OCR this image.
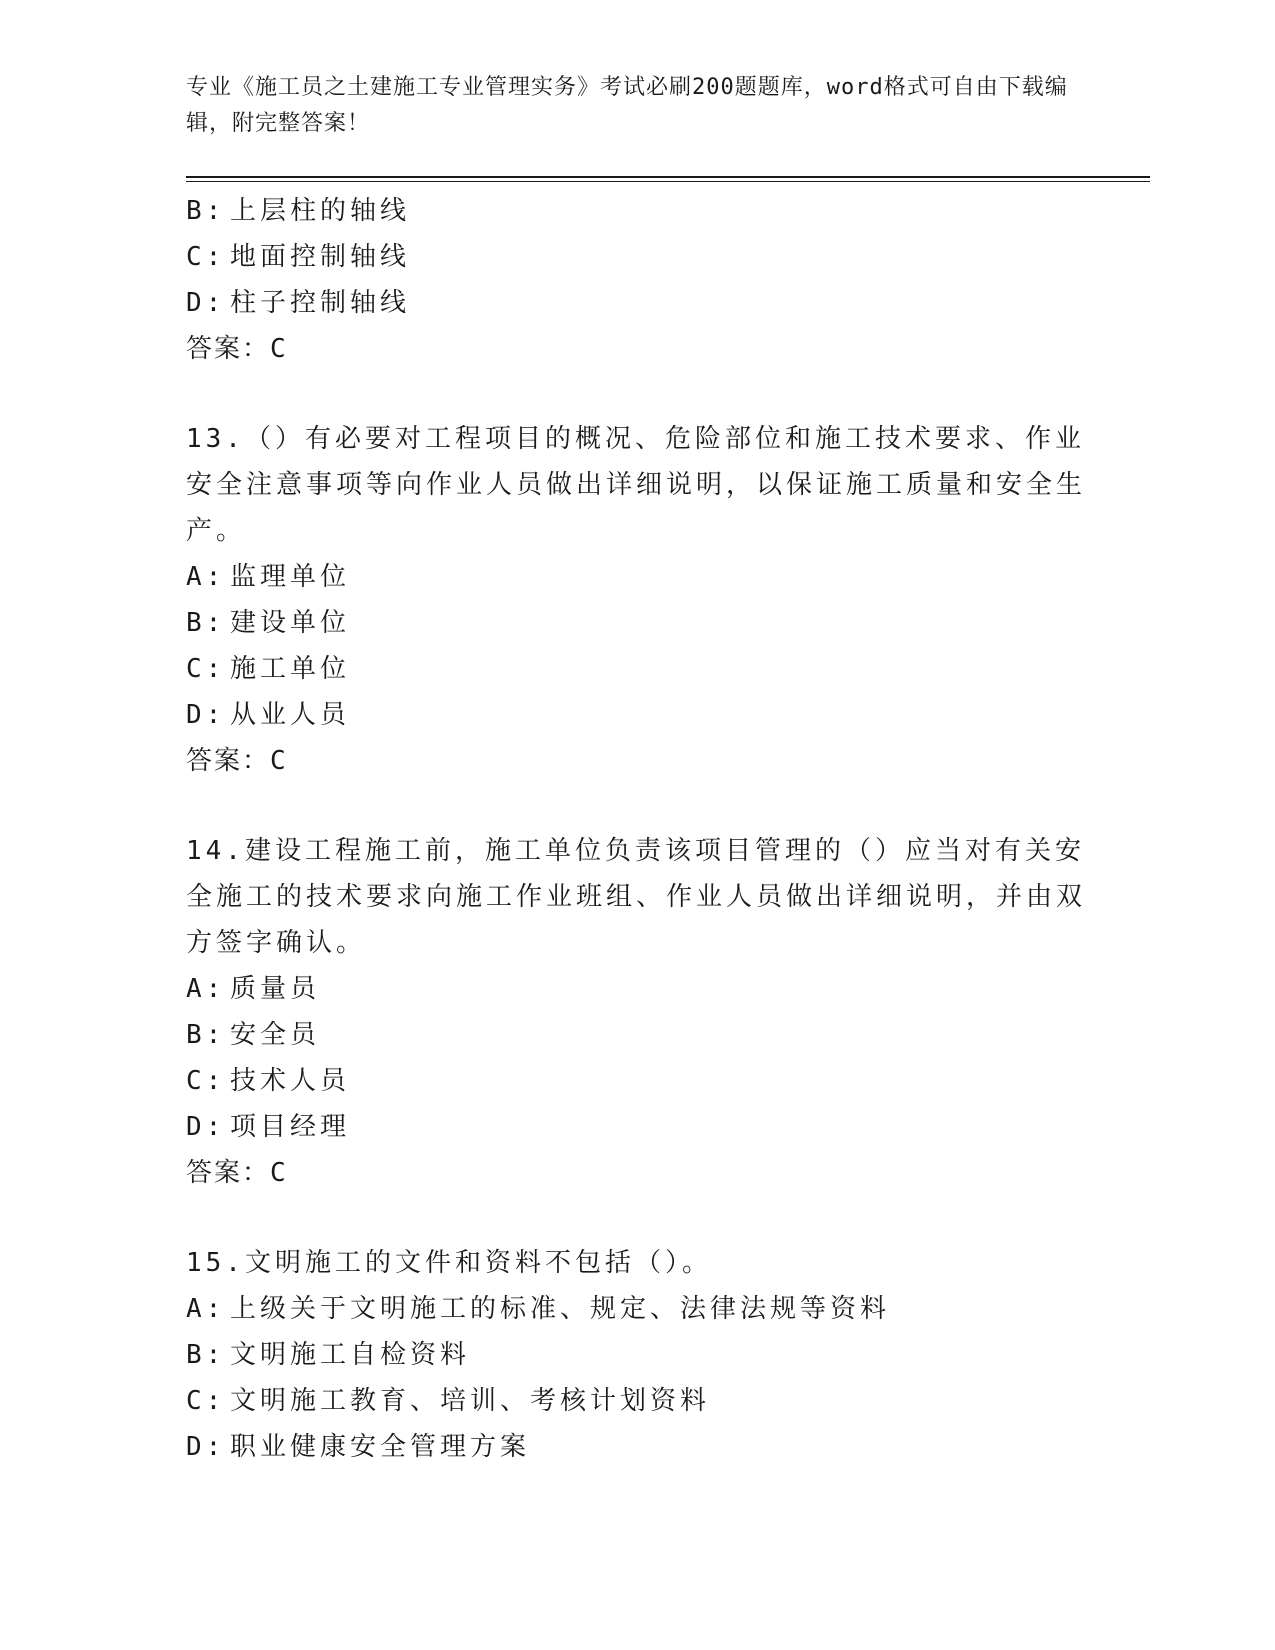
专业《施工员之土建施工专业管理实务》考试必刷200题题库，word格式可自由下载编辑，附完整答案！
B: 上层柱的轴线
C: 地面控制轴线
D: 柱子控制轴线
答案：C
13.（）有必要对工程项目的概况、危险部位和施工技术要求、作业安全注意事项等向作业人员做出详细说明，以保证施工质量和安全生产。
A: 监理单位
B: 建设单位
C: 施工单位
D: 从业人员
答案：C
14.建设工程施工前，施工单位负责该项目管理的（）应当对有关安全施工的技术要求向施工作业班组、作业人员做出详细说明，并由双方签字确认。
A: 质量员
B: 安全员
C: 技术人员
D: 项目经理
答案：C
15.文明施工的文件和资料不包括（）。
A: 上级关于文明施工的标准、规定、法律法规等资料
B: 文明施工自检资料
C: 文明施工教育、培训、考核计划资料
D: 职业健康安全管理方案
